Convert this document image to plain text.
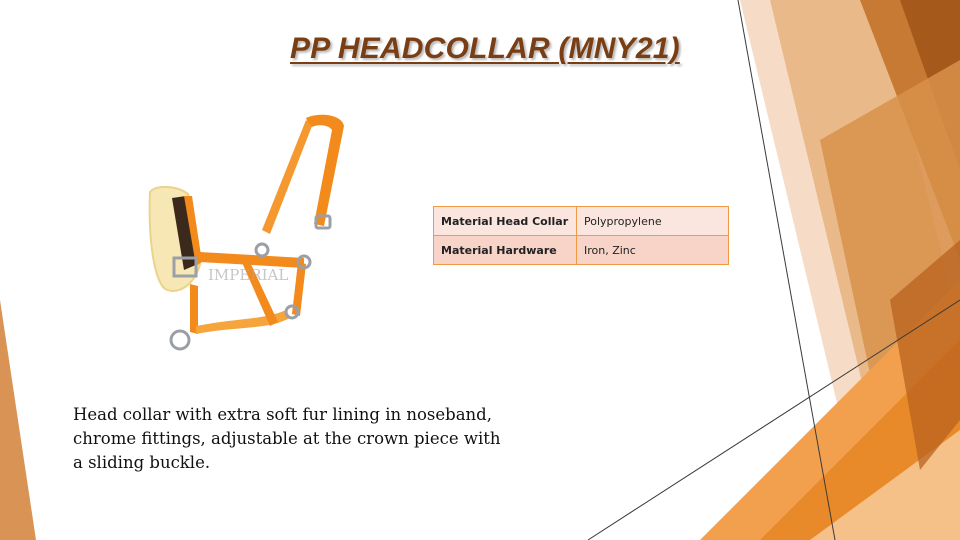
PP HEADCOLLAR (MNY21)
IMPERIAL
Material Head Collar	Polypropylene
Material Hardware	Iron, Zinc
Head collar with extra soft fur lining in noseband, chrome fittings, adjustable at the crown piece with a sliding buckle.
